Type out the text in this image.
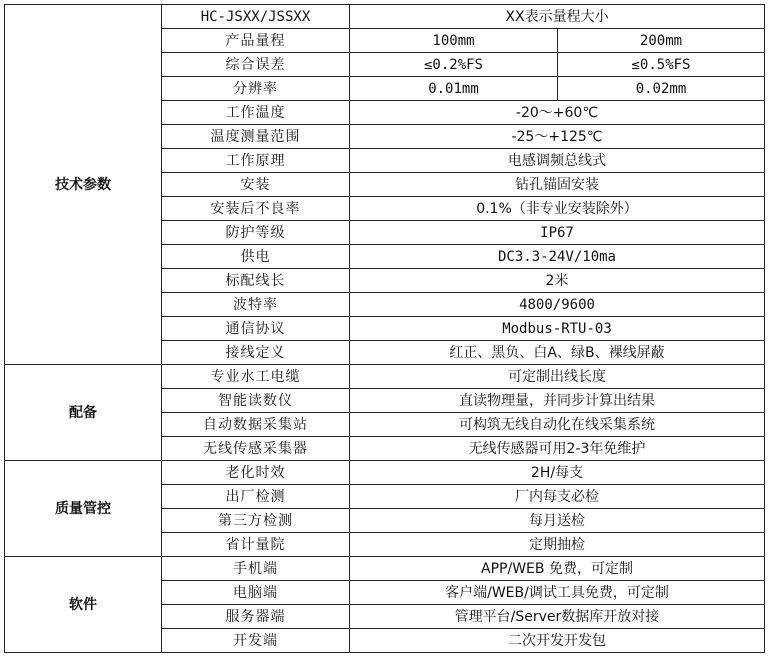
技术参数	HC-JSXX/JSSXX	XX表示量程大小	
	产品量程	100mm	200mm
	综合误差	≤0.2%FS	≤0.5%FS
	分辨率	0.01mm	0.02mm
	工作温度	-20～+60℃	
	温度测量范围	-25～+125℃	
	工作原理	电感调频总线式	
	安装	钻孔锚固安装	
	安装后不良率	0.1%（非专业安装除外）	
	防护等级	IP67	
	供电	DC3.3-24V/10ma	
	标配线长	2米	
	波特率	4800/9600	
	通信协议	Modbus-RTU-03	
	接线定义	红正、黑负、白A、绿B、裸线屏蔽	
配备	专业水工电缆	可定制出线长度	
	智能读数仪	直读物理量，并同步计算出结果	
	自动数据采集站	可构筑无线自动化在线采集系统	
	无线传感采集器	无线传感器可用2-3年免维护	
质量管控	老化时效	2H/每支	
	出厂检测	厂内每支必检	
	第三方检测	每月送检	
	省计量院	定期抽检	
软件	手机端	APP/WEB 免费，可定制	
	电脑端	客户端/WEB/调试工具免费，可定制	
	服务器端	管理平台/Server数据库开放对接	
	开发端	二次开发开发包	
